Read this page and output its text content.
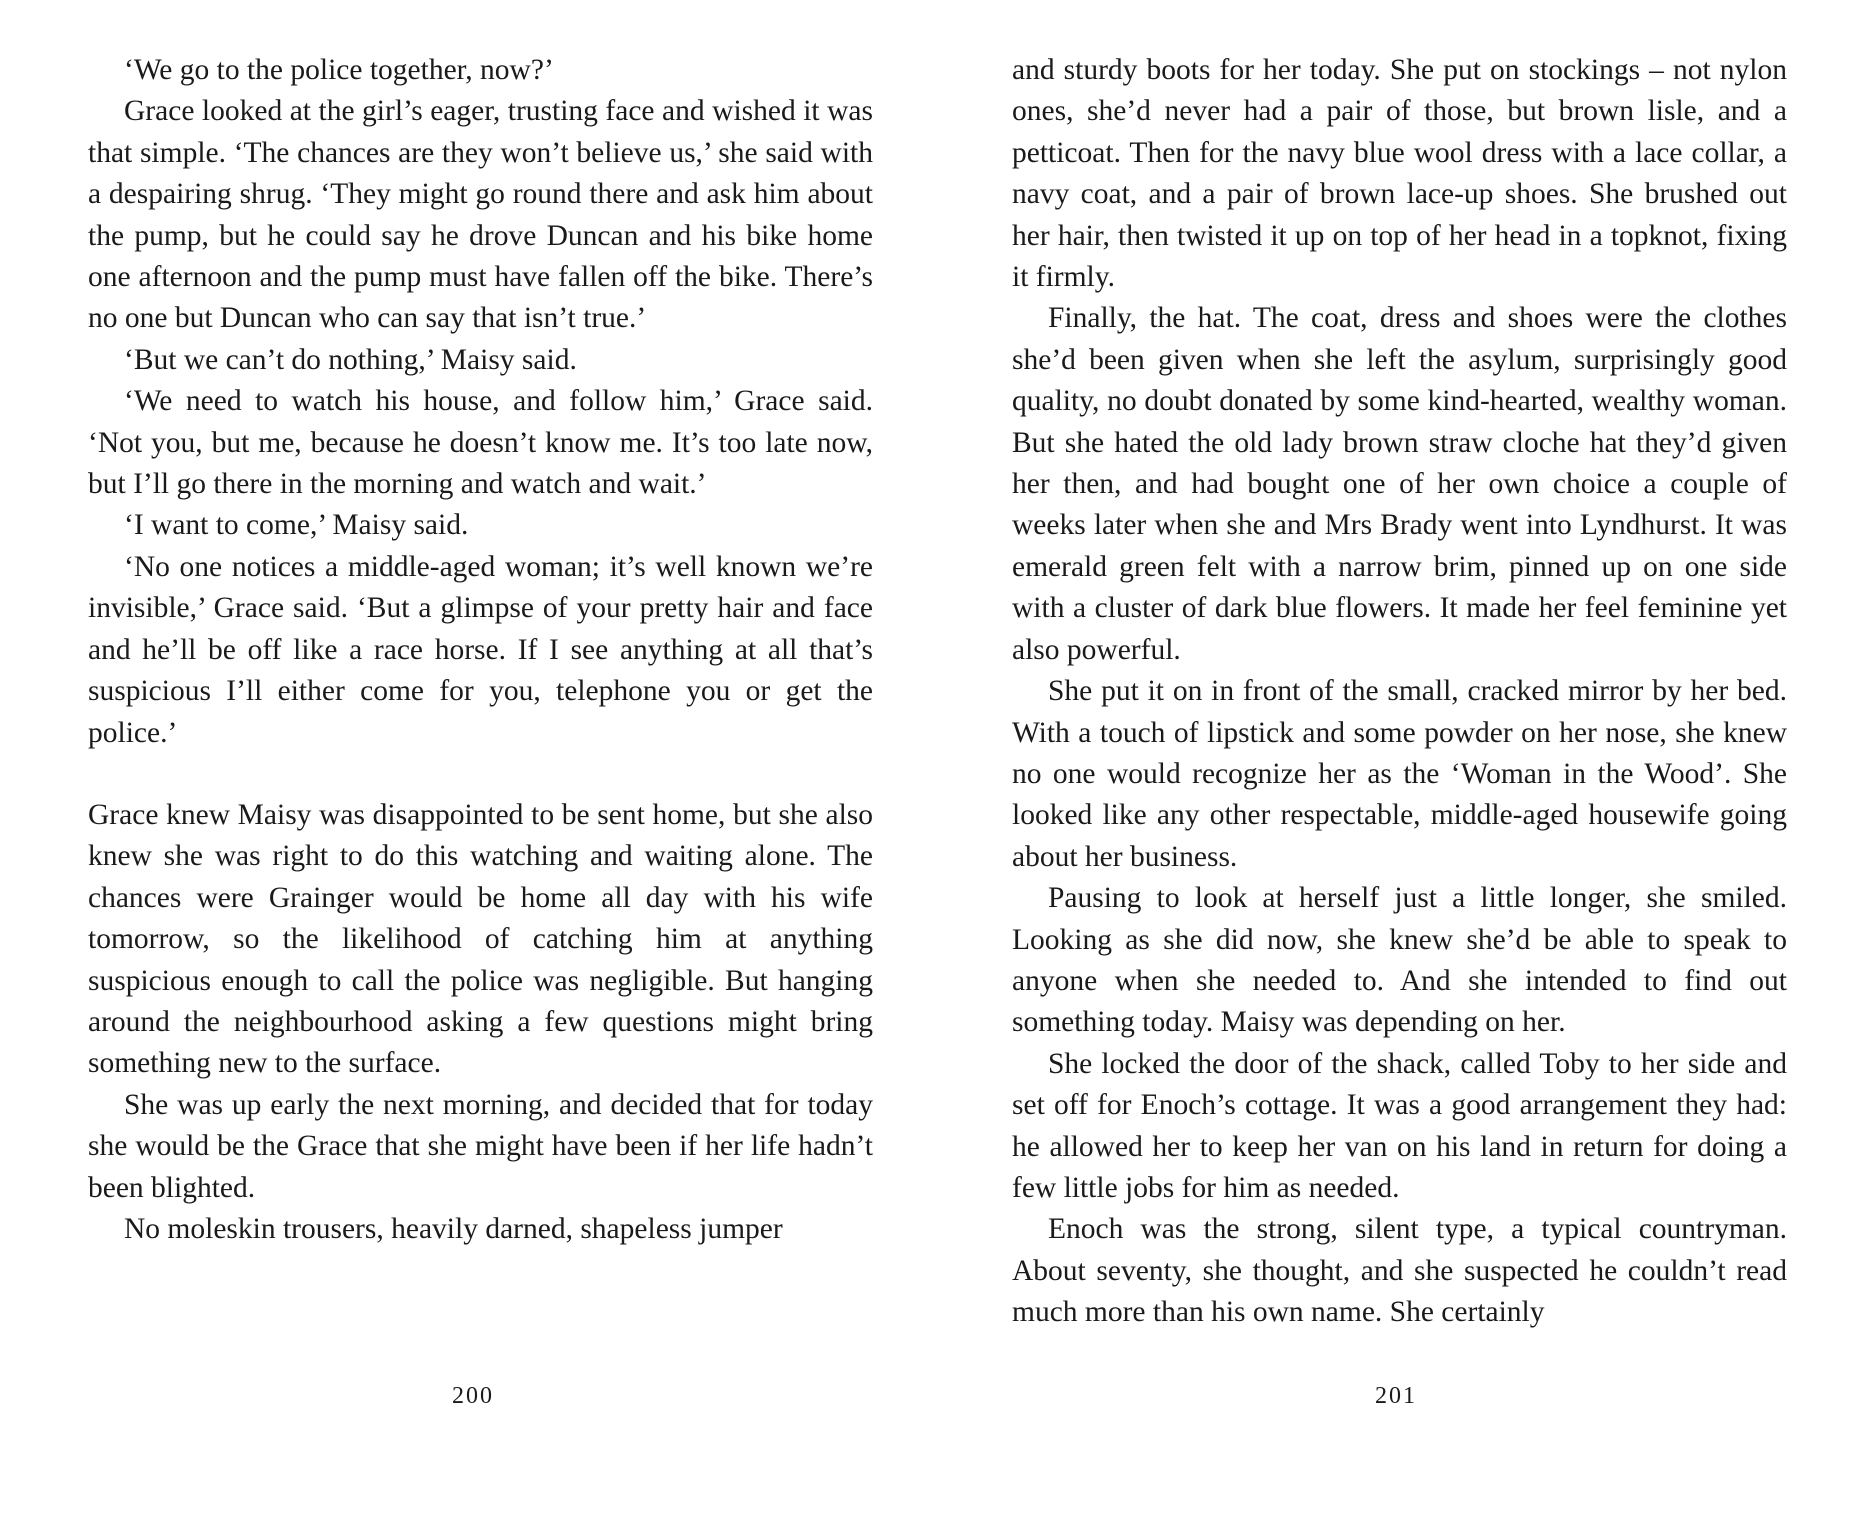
‘We go to the police together, now?’

Grace looked at the girl’s eager, trusting face and wished it was that simple. ‘The chances are they won’t believe us,’ she said with a despairing shrug. ‘They might go round there and ask him about the pump, but he could say he drove Duncan and his bike home one afternoon and the pump must have fallen off the bike. There’s no one but Duncan who can say that isn’t true.’

‘But we can’t do nothing,’ Maisy said.

‘We need to watch his house, and follow him,’ Grace said. ‘Not you, but me, because he doesn’t know me. It’s too late now, but I’ll go there in the morning and watch and wait.’

‘I want to come,’ Maisy said.

‘No one notices a middle-aged woman; it’s well known we’re invisible,’ Grace said. ‘But a glimpse of your pretty hair and face and he’ll be off like a race horse. If I see anything at all that’s suspicious I’ll either come for you, telephone you or get the police.’

Grace knew Maisy was disappointed to be sent home, but she also knew she was right to do this watching and waiting alone. The chances were Grainger would be home all day with his wife tomorrow, so the likelihood of catching him at anything suspicious enough to call the police was negligible. But hanging around the neighbourhood asking a few questions might bring something new to the surface.

She was up early the next morning, and decided that for today she would be the Grace that she might have been if her life hadn’t been blighted.

No moleskin trousers, heavily darned, shapeless jumper

200

and sturdy boots for her today. She put on stockings – not nylon ones, she’d never had a pair of those, but brown lisle, and a petticoat. Then for the navy blue wool dress with a lace collar, a navy coat, and a pair of brown lace-up shoes. She brushed out her hair, then twisted it up on top of her head in a topknot, fixing it firmly.

Finally, the hat. The coat, dress and shoes were the clothes she’d been given when she left the asylum, surprisingly good quality, no doubt donated by some kind-hearted, wealthy woman. But she hated the old lady brown straw cloche hat they’d given her then, and had bought one of her own choice a couple of weeks later when she and Mrs Brady went into Lyndhurst. It was emerald green felt with a narrow brim, pinned up on one side with a cluster of dark blue flowers. It made her feel feminine yet also powerful.

She put it on in front of the small, cracked mirror by her bed. With a touch of lipstick and some powder on her nose, she knew no one would recognize her as the ‘Woman in the Wood’. She looked like any other respectable, middle-aged housewife going about her business.

Pausing to look at herself just a little longer, she smiled. Looking as she did now, she knew she’d be able to speak to anyone when she needed to. And she intended to find out something today. Maisy was depending on her.

She locked the door of the shack, called Toby to her side and set off for Enoch’s cottage. It was a good arrangement they had: he allowed her to keep her van on his land in return for doing a few little jobs for him as needed.

Enoch was the strong, silent type, a typical countryman. About seventy, she thought, and she suspected he couldn’t read much more than his own name. She certainly

201
